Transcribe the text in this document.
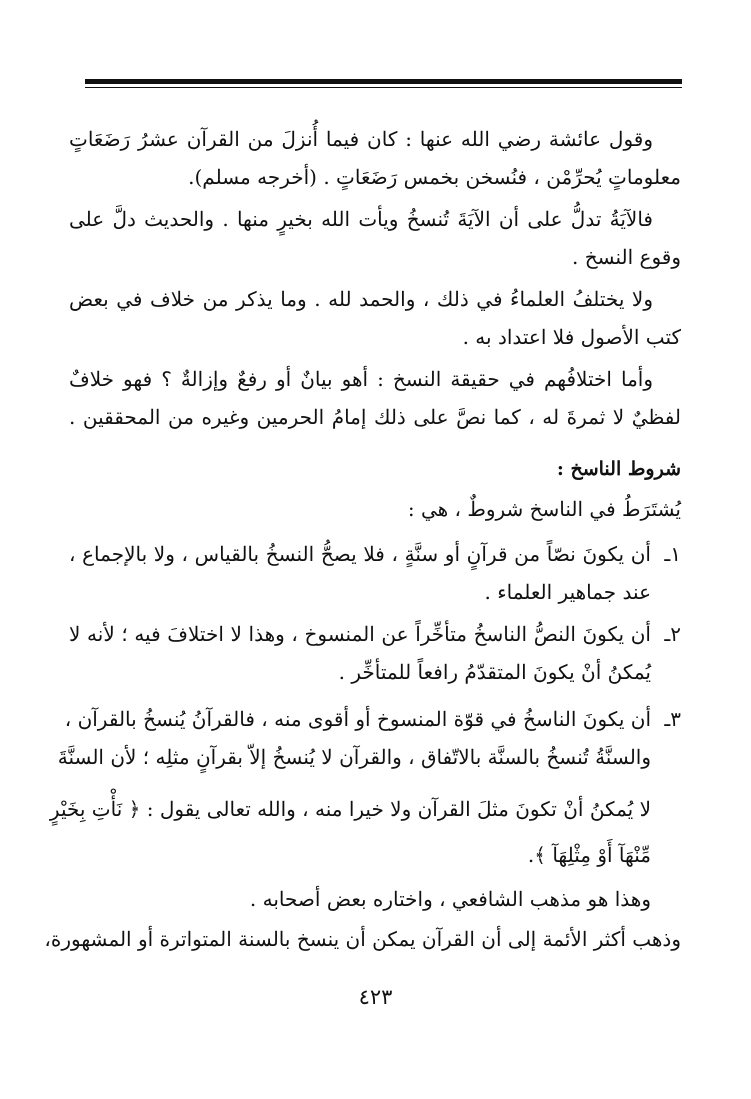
وقول عائشة رضي الله عنها : كان فيما أُنزلَ من القرآن عشرُ رَضَعَاتٍ
معلوماتٍ يُحرِّمْن ، فنُسخن بخمس رَضَعَاتٍ . (أخرجه مسلم).
فالآيَةُ تدلُّ على أن الآيَةَ تُنسخُ ويأت الله بخيرٍ منها . والحديث دلَّ على
وقوع النسخ .
ولا يختلفُ العلماءُ في ذلك ، والحمد لله . وما يذكر من خلاف في بعض
كتب الأصول فلا اعتداد به .
وأما اختلافُهم في حقيقة النسخ : أهو بيانٌ أو رفعٌ وإزالةٌ ؟ فهو خلافٌ
لفظيٌ لا ثمرةَ له ، كما نصَّ على ذلك إمامُ الحرمين وغيره من المحققين .
شروط الناسخ :
يُشتَرَطُ في الناسخ شروطٌ ، هي :
١ـأن يكونَ نصّاً من قرآنٍ أو سنَّةٍ ، فلا يصحُّ النسخُ بالقياس ، ولا بالإجماع ،
عند جماهير العلماء .
٢ـأن يكونَ النصُّ الناسخُ متأخِّراً عن المنسوخ ، وهذا لا اختلافَ فيه ؛ لأنه لا
يُمكنُ أنْ يكونَ المتقدّمُ رافعاً للمتأخِّر .
٣ـأن يكونَ الناسخُ في قوّة المنسوخ أو أقوى منه ، فالقرآنُ يُنسخُ بالقرآن ،
والسنَّةُ تُنسخُ بالسنَّة بالاتّفاق ، والقرآن لا يُنسخُ إلاّ بقرآنٍ مثلِه ؛ لأن السنَّةَ
لا يُمكنُ أنْ تكونَ مثلَ القرآن ولا خيرا منه ، والله تعالى يقول : ﴿ نَأْتِ بِخَيْرٍ
مِّنْهَآ أَوْ مِثْلِهَآ ﴾.
وهذا هو مذهب الشافعي ، واختاره بعض أصحابه .
وذهب أكثر الأئمة إلى أن القرآن يمكن أن ينسخ بالسنة المتواترة أو المشهورة،
٤٢٣
